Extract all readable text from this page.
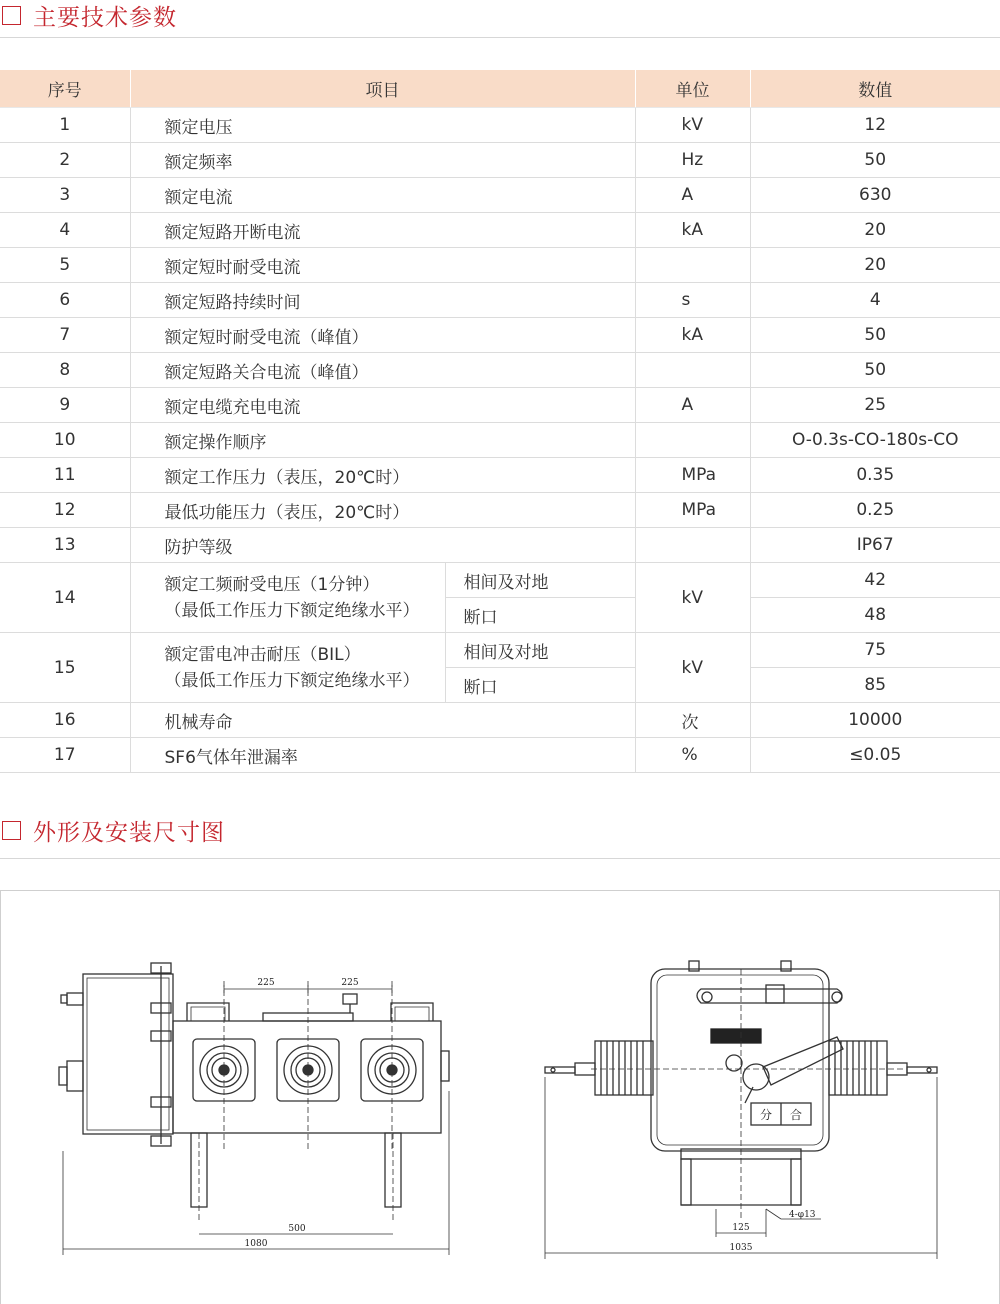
主要技术参数
序号	项目		单位	数值
1	额定电压		kV	12
2	额定频率		Hz	50
3	额定电流		A	630
4	额定短路开断电流		kA	20
5	额定短时耐受电流			20
6	额定短路持续时间		s	4
7	额定短时耐受电流（峰值）		kA	50
8	额定短路关合电流（峰值）			50
9	额定电缆充电电流		A	25
10	额定操作顺序			O-0.3s-CO-180s-CO
11	额定工作压力（表压，20℃时）		MPa	0.35
12	最低功能压力（表压，20℃时）		MPa	0.25
13	防护等级			IP67
14	额定工频耐受电压（1分钟）
（最低工作压力下额定绝缘水平）	相间及对地	kV	42
		断口		48
15	额定雷电冲击耐压（BIL）
（最低工作压力下额定绝缘水平）	相间及对地	kV	75
		断口		85
16	机械寿命		次	10000
17	SF6气体年泄漏率		%	≤0.05
外形及安装尺寸图
225	225
500
1080
125
4-φ13
1035
分 合
